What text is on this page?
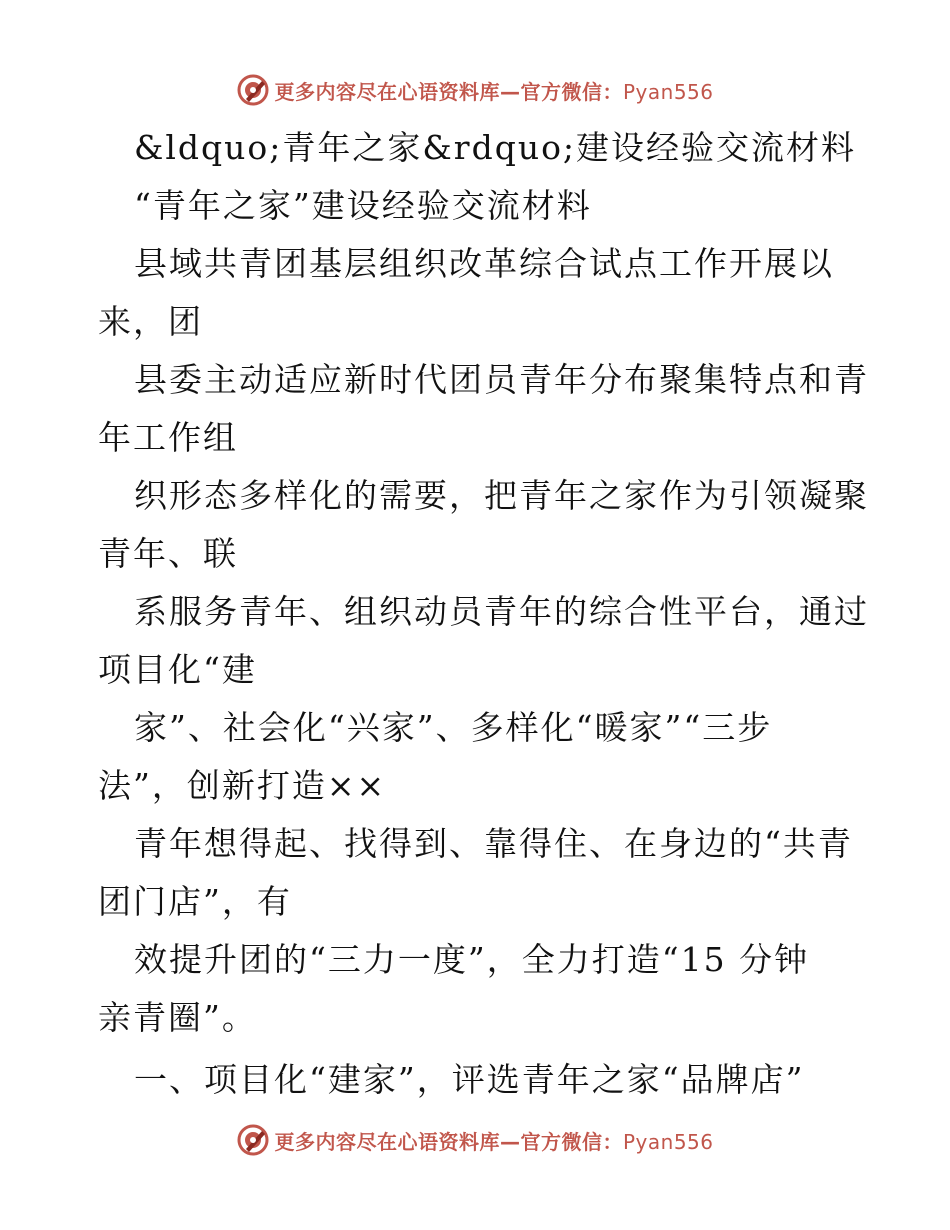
更多内容尽在心语资料库—官方微信：Pyan556
&ldquo;青年之家&rdquo;建设经验交流材料
“青年之家”建设经验交流材料
县域共青团基层组织改革综合试点工作开展以
来，团
县委主动适应新时代团员青年分布聚集特点和青
年工作组
织形态多样化的需要，把青年之家作为引领凝聚
青年、联
系服务青年、组织动员青年的综合性平台，通过
项目化“建
家”、社会化“兴家”、多样化“暖家”“三步
法”，创新打造××
青年想得起、找得到、靠得住、在身边的“共青
团门店”，有
效提升团的“三力一度”，全力打造“15 分钟
亲青圈”。
一、项目化“建家”，评选青年之家“品牌店”
更多内容尽在心语资料库—官方微信：Pyan556
